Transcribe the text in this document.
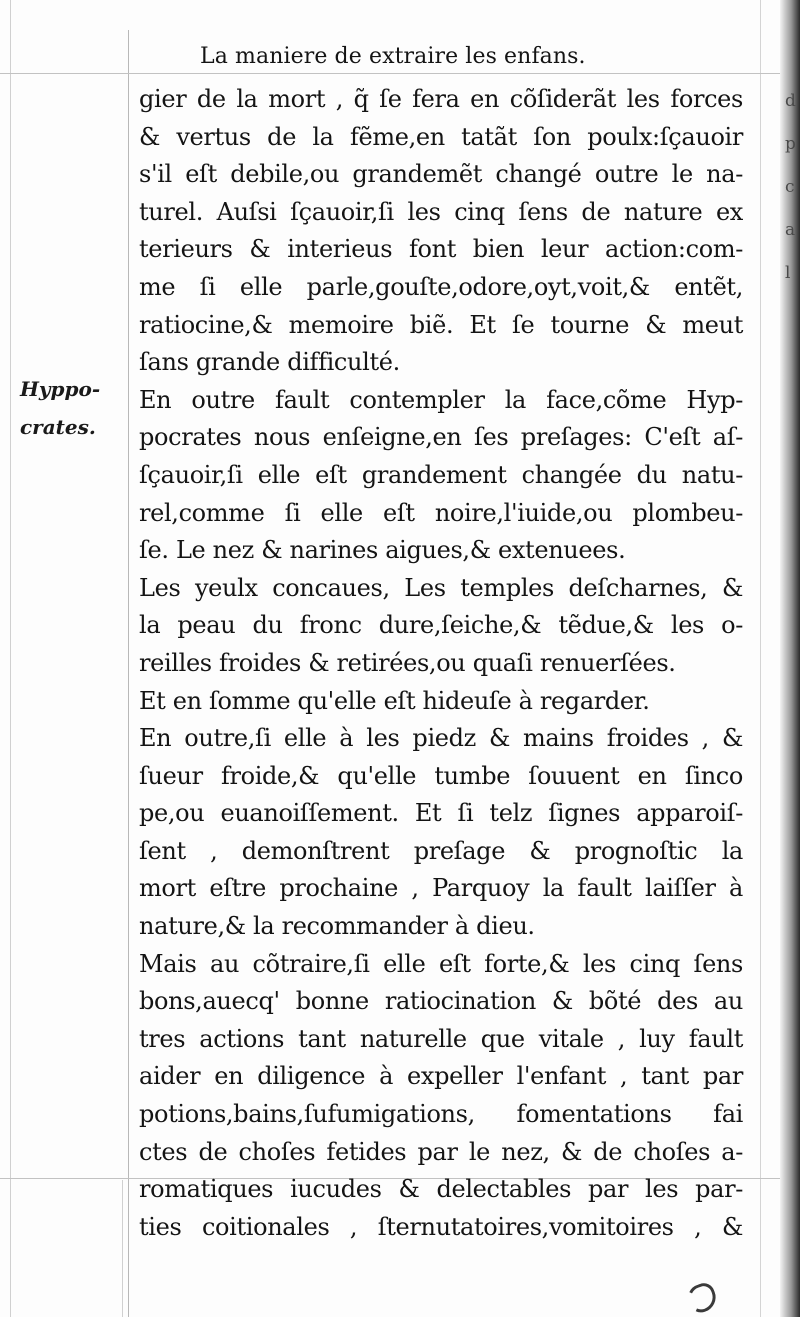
d
p
c
a
l
La maniere de extraire les enfans.
Hyppo-
crates.
gier de la mort , q̃ ſe fera en cõſiderãt les forces
& vertus de la fẽme,en tatãt ſon poulx:ſçauoir
s'il eſt debile,ou grandemẽt changé outre le na-
turel. Auſsi ſçauoir,ſi les cinq ſens de nature ex
terieurs & interieus font bien leur action:com-
me ſi elle parle,gouſte,odore,oyt,voit,& entẽt,
ratiocine,& memoire biẽ. Et ſe tourne & meut
ſans grande difficulté.
En outre fault contempler la face,cõme Hyp-
pocrates nous enſeigne,en ſes preſages: C'eſt aſ-
ſçauoir,ſi elle eſt grandement changée du natu-
rel,comme ſi elle eſt noire,l'iuide,ou plombeu-
ſe. Le nez & narines aigues,& extenuees.
Les yeulx concaues, Les temples deſcharnes, &
la peau du fronc dure,ſeiche,& tẽdue,& les o-
reilles froides & retirées,ou quaſi renuerſées.
Et en ſomme qu'elle eſt hideuſe à regarder.
En outre,ſi elle à les piedz & mains froides , &
ſueur froide,& qu'elle tumbe ſouuent en ſinco
pe,ou euanoiſſement. Et ſi telz ſignes apparoiſ-
ſent , demonſtrent preſage & prognoſtic la
mort eſtre prochaine , Parquoy la fault laiſſer à
nature,& la recommander à dieu.
Mais au cõtraire,ſi elle eſt forte,& les cinq ſens
bons,auecq' bonne ratiocination & bõté des au
tres actions tant naturelle que vitale , luy fault
aider en diligence à expeller l'enfant , tant par
potions,bains,ſufumigations, fomentations fai
ctes de choſes fetides par le nez, & de choſes a-
romatiques iucudes & delectables par les par-
ties coitionales , ſternutatoires,vomitoires , &
